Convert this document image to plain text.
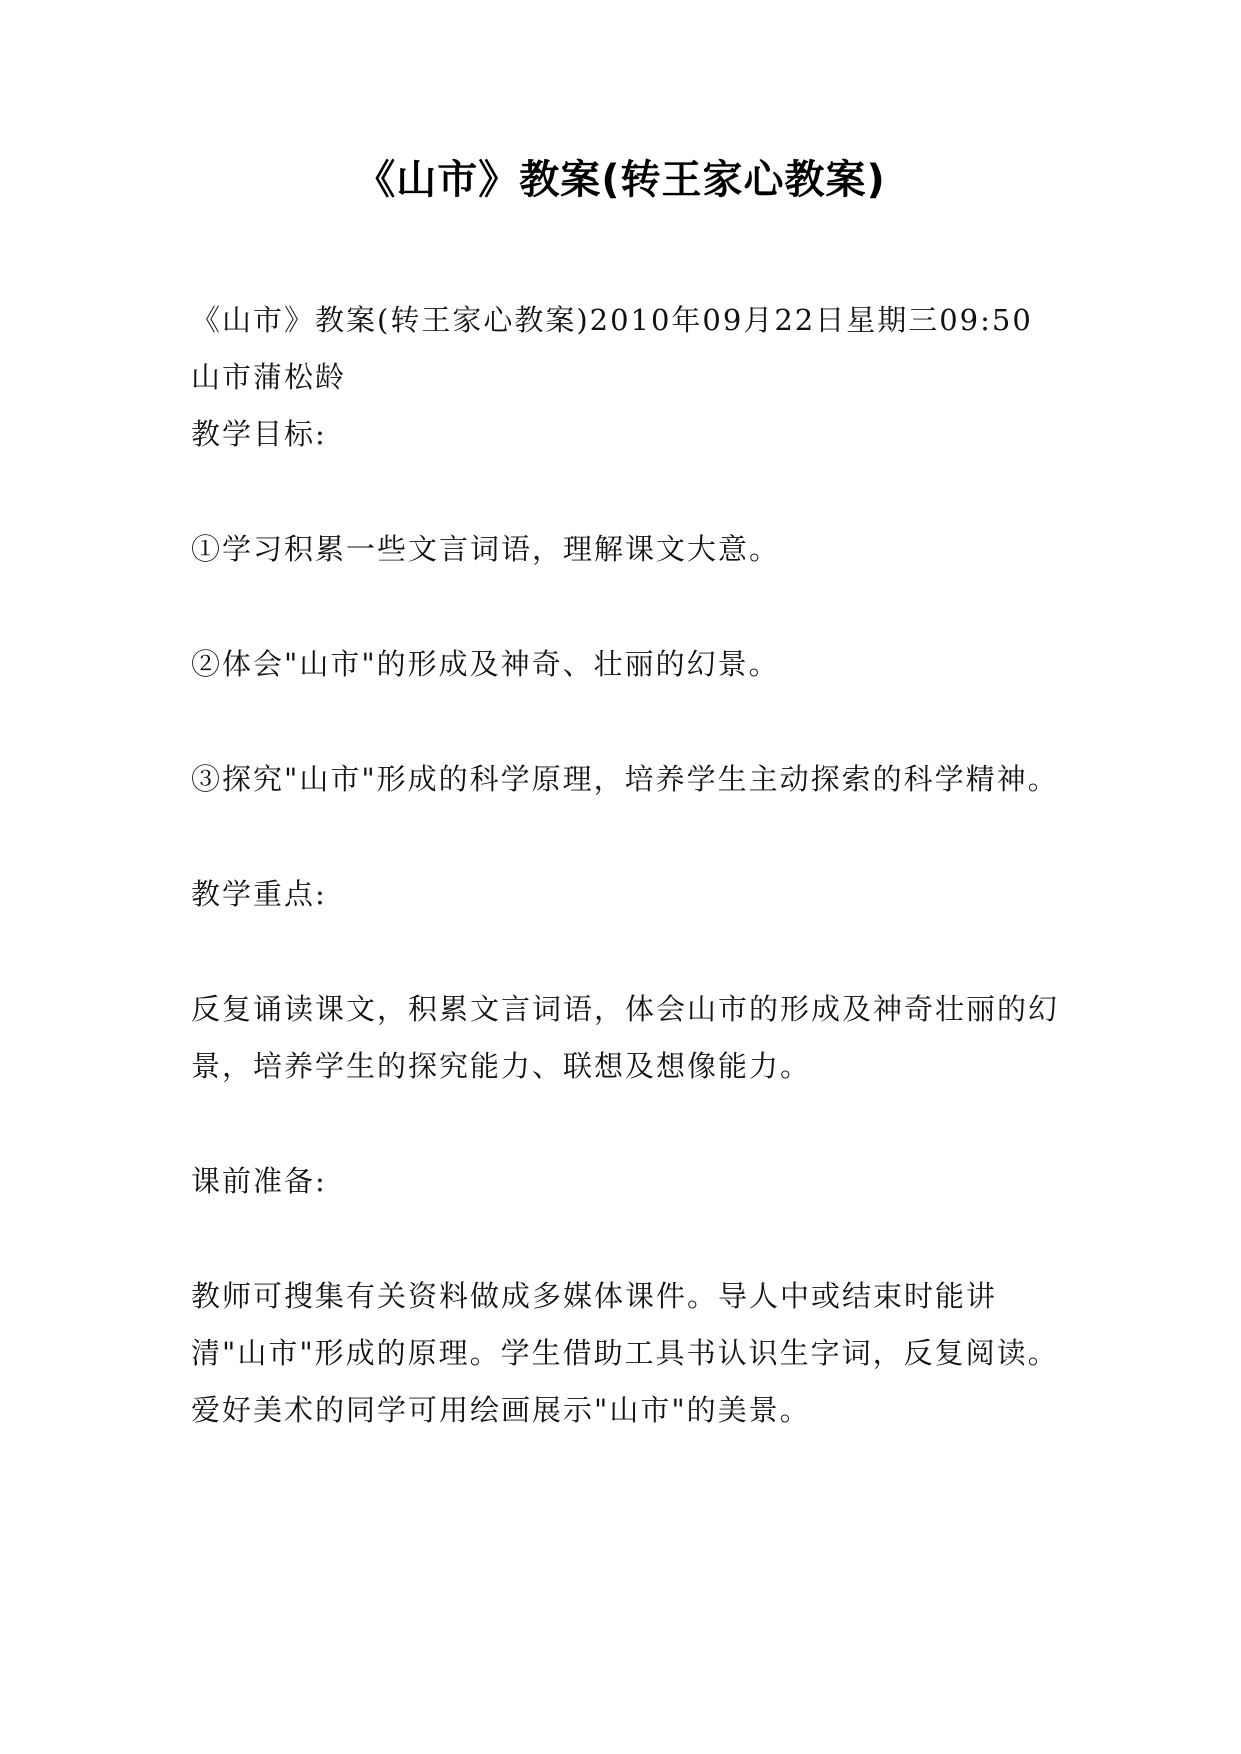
《山市》教案(转王家心教案)

《山市》教案(转王家心教案)2010年09月22日星期三09:50山市蒲松龄

教学目标:

①学习积累一些文言词语，理解课文大意。

②体会"山市"的形成及神奇、壮丽的幻景。

③探究"山市"形成的科学原理，培养学生主动探索的科学精神。

教学重点:

反复诵读课文，积累文言词语，体会山市的形成及神奇壮丽的幻景，培养学生的探究能力、联想及想像能力。

课前准备:

教师可搜集有关资料做成多媒体课件。导人中或结束时能讲清"山市"形成的原理。学生借助工具书认识生字词，反复阅读。爱好美术的同学可用绘画展示"山市"的美景。
